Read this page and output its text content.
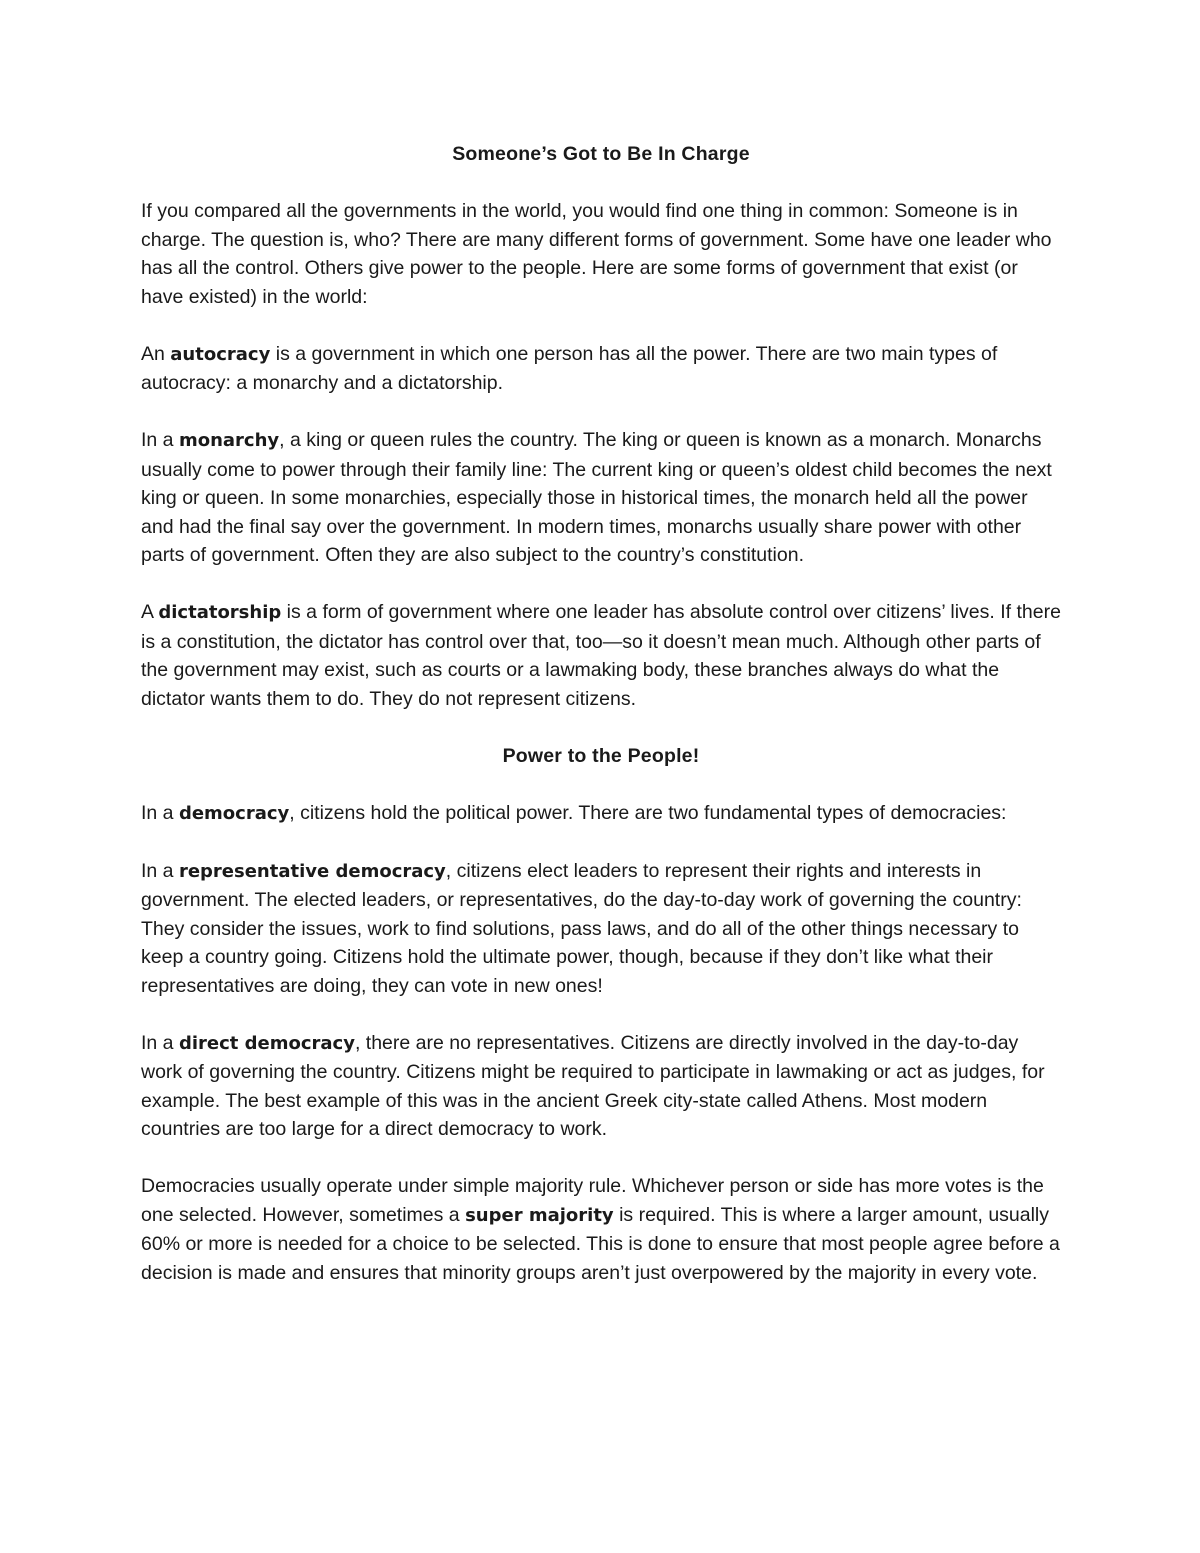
Someone’s Got to Be In Charge

If you compared all the governments in the world, you would find one thing in common: Someone is in charge. The question is, who? There are many different forms of government. Some have one leader who has all the control. Others give power to the people. Here are some forms of government that exist (or have existed) in the world:

An autocracy is a government in which one person has all the power. There are two main types of autocracy: a monarchy and a dictatorship.

In a monarchy, a king or queen rules the country. The king or queen is known as a monarch. Monarchs usually come to power through their family line: The current king or queen’s oldest child becomes the next king or queen. In some monarchies, especially those in historical times, the monarch held all the power and had the final say over the government. In modern times, monarchs usually share power with other parts of government. Often they are also subject to the country’s constitution.

A dictatorship is a form of government where one leader has absolute control over citizens’ lives. If there is a constitution, the dictator has control over that, too—so it doesn’t mean much. Although other parts of the government may exist, such as courts or a lawmaking body, these branches always do what the dictator wants them to do. They do not represent citizens.

Power to the People!

In a democracy, citizens hold the political power. There are two fundamental types of democracies:

In a representative democracy, citizens elect leaders to represent their rights and interests in government. The elected leaders, or representatives, do the day-to-day work of governing the country: They consider the issues, work to find solutions, pass laws, and do all of the other things necessary to keep a country going. Citizens hold the ultimate power, though, because if they don’t like what their representatives are doing, they can vote in new ones!

In a direct democracy, there are no representatives. Citizens are directly involved in the day-to-day work of governing the country. Citizens might be required to participate in lawmaking or act as judges, for example. The best example of this was in the ancient Greek city-state called Athens. Most modern countries are too large for a direct democracy to work.

Democracies usually operate under simple majority rule. Whichever person or side has more votes is the one selected. However, sometimes a super majority is required. This is where a larger amount, usually 60% or more is needed for a choice to be selected. This is done to ensure that most people agree before a decision is made and ensures that minority groups aren’t just overpowered by the majority in every vote.
